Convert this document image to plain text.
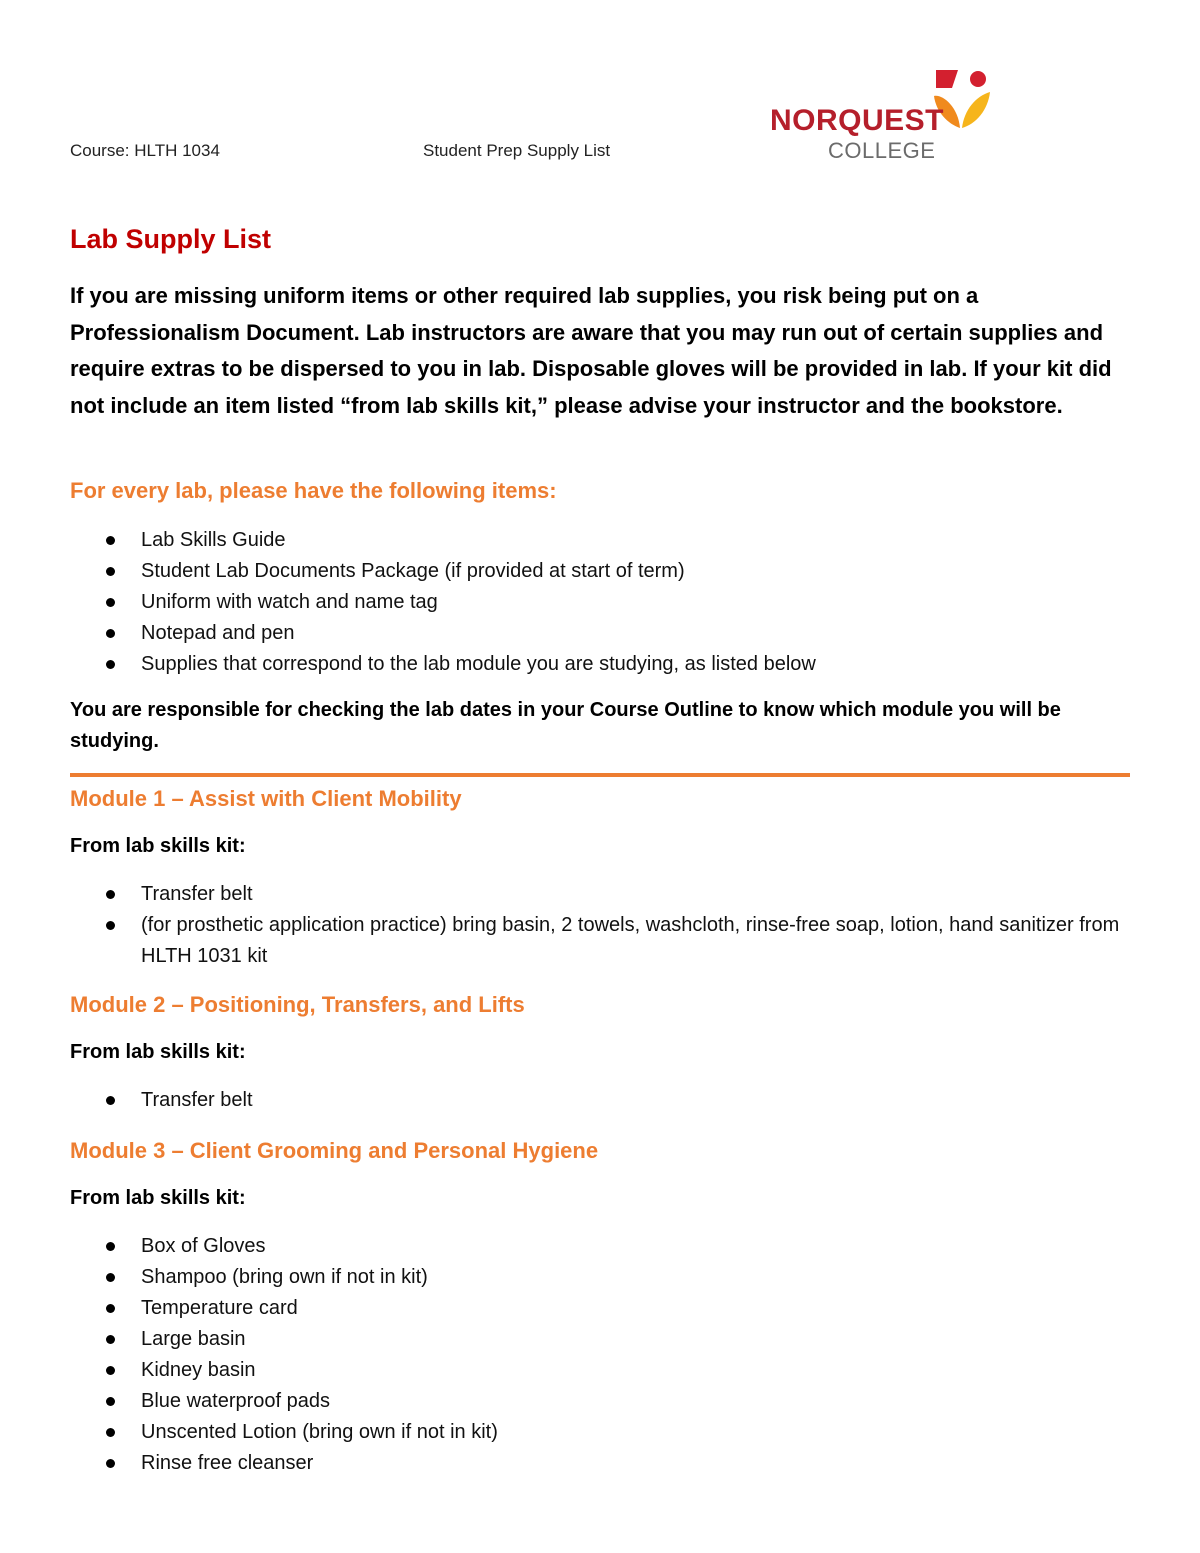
Course: HLTH 1034	Student Prep Supply List
NORQUEST
COLLEGE
Lab Supply List

If you are missing uniform items or other required lab supplies, you risk being put on a Professionalism Document. Lab instructors are aware that you may run out of certain supplies and require extras to be dispersed to you in lab. Disposable gloves will be provided in lab. If your kit did not include an item listed “from lab skills kit,” please advise your instructor and the bookstore.

For every lab, please have the following items:
Lab Skills Guide
Student Lab Documents Package (if provided at start of term)
Uniform with watch and name tag
Notepad and pen
Supplies that correspond to the lab module you are studying, as listed below

You are responsible for checking the lab dates in your Course Outline to know which module you will be studying.

Module 1 – Assist with Client Mobility

From lab skills kit:

Transfer belt
(for prosthetic application practice) bring basin, 2 towels, washcloth, rinse-free soap, lotion, hand sanitizer from HLTH 1031 kit
Module 2 – Positioning, Transfers, and Lifts

From lab skills kit:

Transfer belt
Module 3 – Client Grooming and Personal Hygiene

From lab skills kit:

Box of Gloves
Shampoo (bring own if not in kit)
Temperature card
Large basin
Kidney basin
Blue waterproof pads
Unscented Lotion (bring own if not in kit)
Rinse free cleanser
